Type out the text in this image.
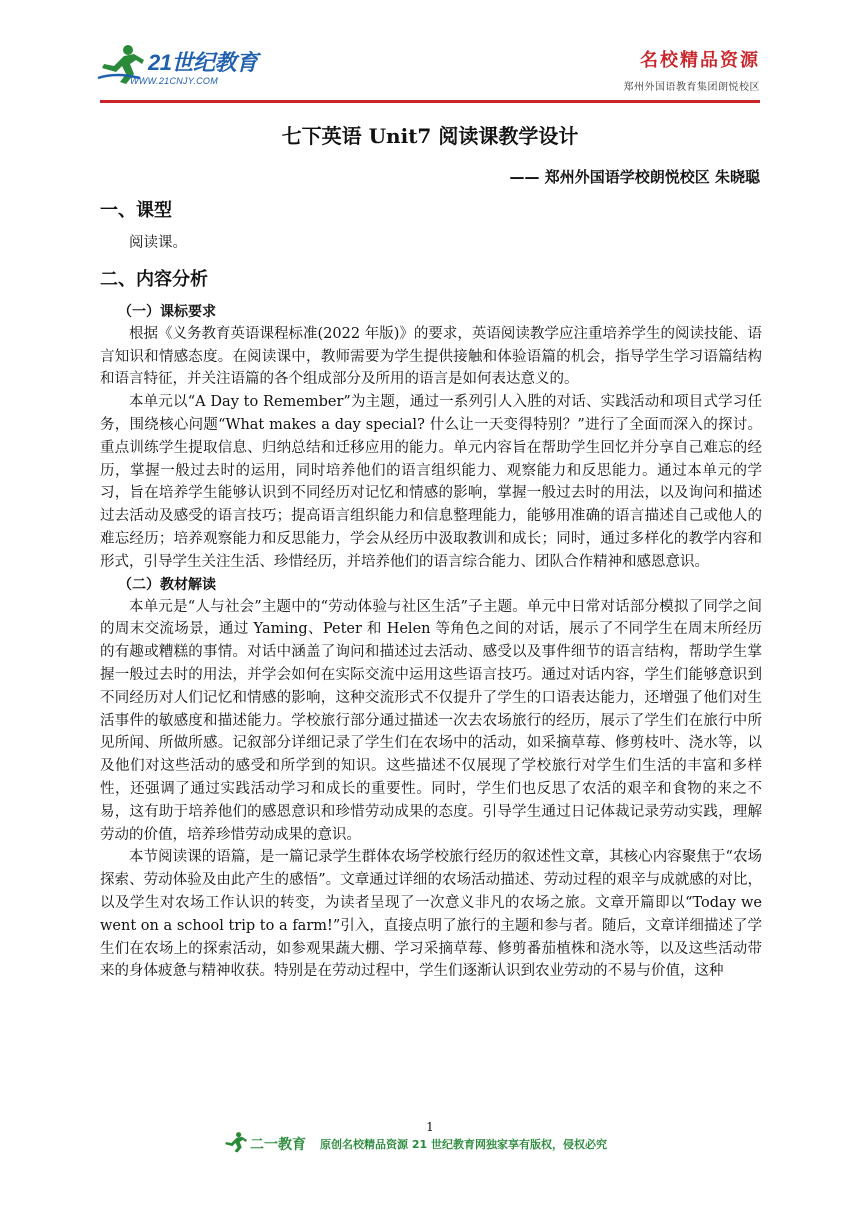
21世纪教育
WWW.21CNJY.COM
名校精品资源
郑州外国语教育集团朗悦校区
七下英语 Unit7 阅读课教学设计
—— 郑州外国语学校朗悦校区 朱晓聪
一、课型

阅读课。

二、内容分析
（一）课标要求

根据《义务教育英语课程标准(2022 年版)》的要求，英语阅读教学应注重培养学生的阅读技能、语言知识和情感态度。在阅读课中，教师需要为学生提供接触和体验语篇的机会，指导学生学习语篇结构和语言特征，并关注语篇的各个组成部分及所用的语言是如何表达意义的。

本单元以“A Day to Remember”为主题，通过一系列引人入胜的对话、实践活动和项目式学习任务，围绕核心问题“What makes a day special? 什么让一天变得特别？”进行了全面而深入的探讨。重点训练学生提取信息、归纳总结和迁移应用的能力。单元内容旨在帮助学生回忆并分享自己难忘的经历，掌握一般过去时的运用，同时培养他们的语言组织能力、观察能力和反思能力。通过本单元的学习，旨在培养学生能够认识到不同经历对记忆和情感的影响，掌握一般过去时的用法，以及询问和描述过去活动及感受的语言技巧；提高语言组织能力和信息整理能力，能够用准确的语言描述自己或他人的难忘经历；培养观察能力和反思能力，学会从经历中汲取教训和成长；同时，通过多样化的教学内容和形式，引导学生关注生活、珍惜经历，并培养他们的语言综合能力、团队合作精神和感恩意识。

（二）教材解读

本单元是“人与社会”主题中的“劳动体验与社区生活”子主题。单元中日常对话部分模拟了同学之间的周末交流场景，通过 Yaming、Peter 和 Helen 等角色之间的对话，展示了不同学生在周末所经历的有趣或糟糕的事情。对话中涵盖了询问和描述过去活动、感受以及事件细节的语言结构，帮助学生掌握一般过去时的用法，并学会如何在实际交流中运用这些语言技巧。通过对话内容，学生们能够意识到不同经历对人们记忆和情感的影响，这种交流形式不仅提升了学生的口语表达能力，还增强了他们对生活事件的敏感度和描述能力。学校旅行部分通过描述一次去农场旅行的经历，展示了学生们在旅行中所见所闻、所做所感。记叙部分详细记录了学生们在农场中的活动，如采摘草莓、修剪枝叶、浇水等，以及他们对这些活动的感受和所学到的知识。这些描述不仅展现了学校旅行对学生们生活的丰富和多样性，还强调了通过实践活动学习和成长的重要性。同时，学生们也反思了农活的艰辛和食物的来之不易，这有助于培养他们的感恩意识和珍惜劳动成果的态度。引导学生通过日记体裁记录劳动实践，理解劳动的价值，培养珍惜劳动成果的意识。

本节阅读课的语篇，是一篇记录学生群体农场学校旅行经历的叙述性文章，其核心内容聚焦于“农场探索、劳动体验及由此产生的感悟”。文章通过详细的农场活动描述、劳动过程的艰辛与成就感的对比，以及学生对农场工作认识的转变，为读者呈现了一次意义非凡的农场之旅。文章开篇即以“Today we went on a school trip to a farm!”引入，直接点明了旅行的主题和参与者。随后，文章详细描述了学生们在农场上的探索活动，如参观果蔬大棚、学习采摘草莓、修剪番茄植株和浇水等，以及这些活动带来的身体疲惫与精神收获。特别是在劳动过程中，学生们逐渐认识到农业劳动的不易与价值，这种

1
二一教育 原创名校精品资源 21 世纪教育网独家享有版权，侵权必究
